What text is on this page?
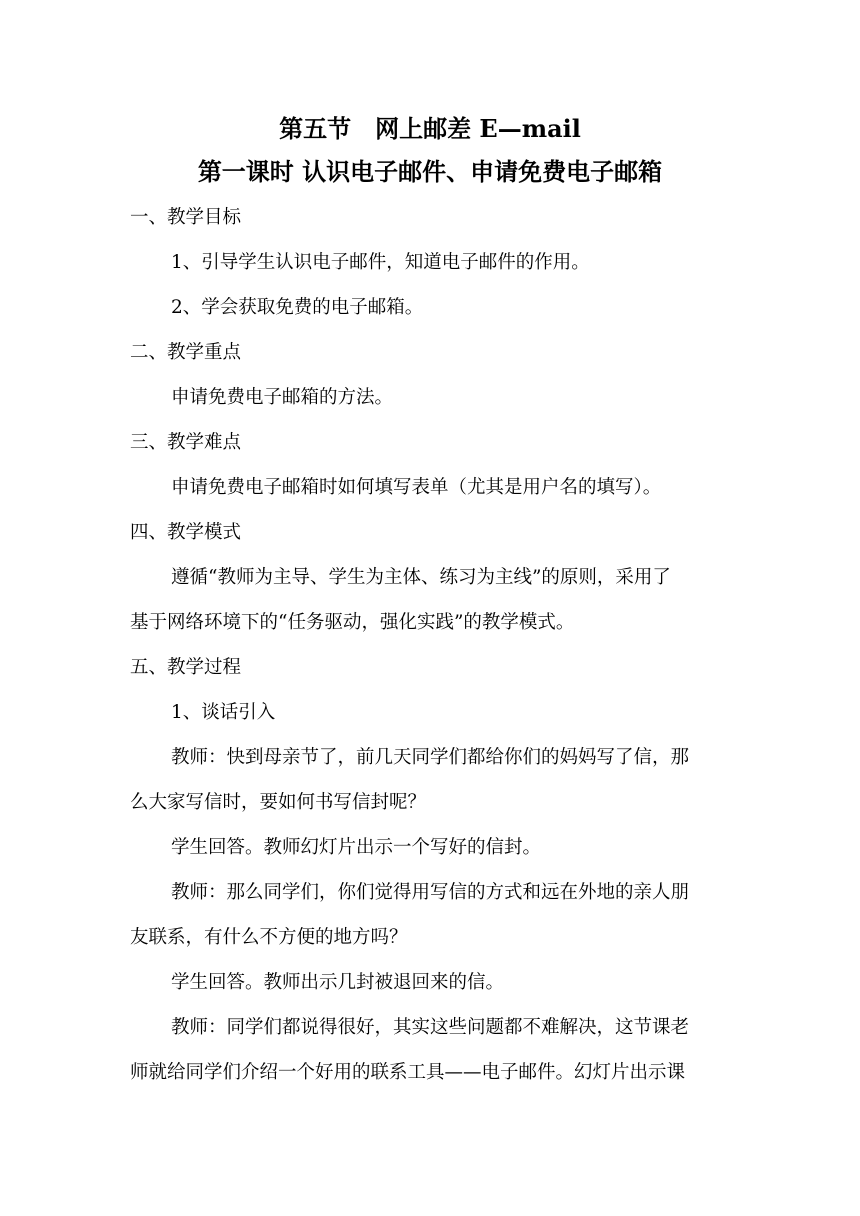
第五节　网上邮差 E—mail
第一课时 认识电子邮件、申请免费电子邮箱
一、教学目标
1、引导学生认识电子邮件，知道电子邮件的作用。
2、学会获取免费的电子邮箱。
二、教学重点
申请免费电子邮箱的方法。
三、教学难点
申请免费电子邮箱时如何填写表单（尤其是用户名的填写）。
四、教学模式
遵循“教师为主导、学生为主体、练习为主线”的原则，采用了
基于网络环境下的“任务驱动，强化实践”的教学模式。
五、教学过程
1、谈话引入
教师：快到母亲节了，前几天同学们都给你们的妈妈写了信，那
么大家写信时，要如何书写信封呢？
学生回答。教师幻灯片出示一个写好的信封。
教师：那么同学们，你们觉得用写信的方式和远在外地的亲人朋
友联系，有什么不方便的地方吗？
学生回答。教师出示几封被退回来的信。
教师：同学们都说得很好，其实这些问题都不难解决，这节课老
师就给同学们介绍一个好用的联系工具——电子邮件。幻灯片出示课
